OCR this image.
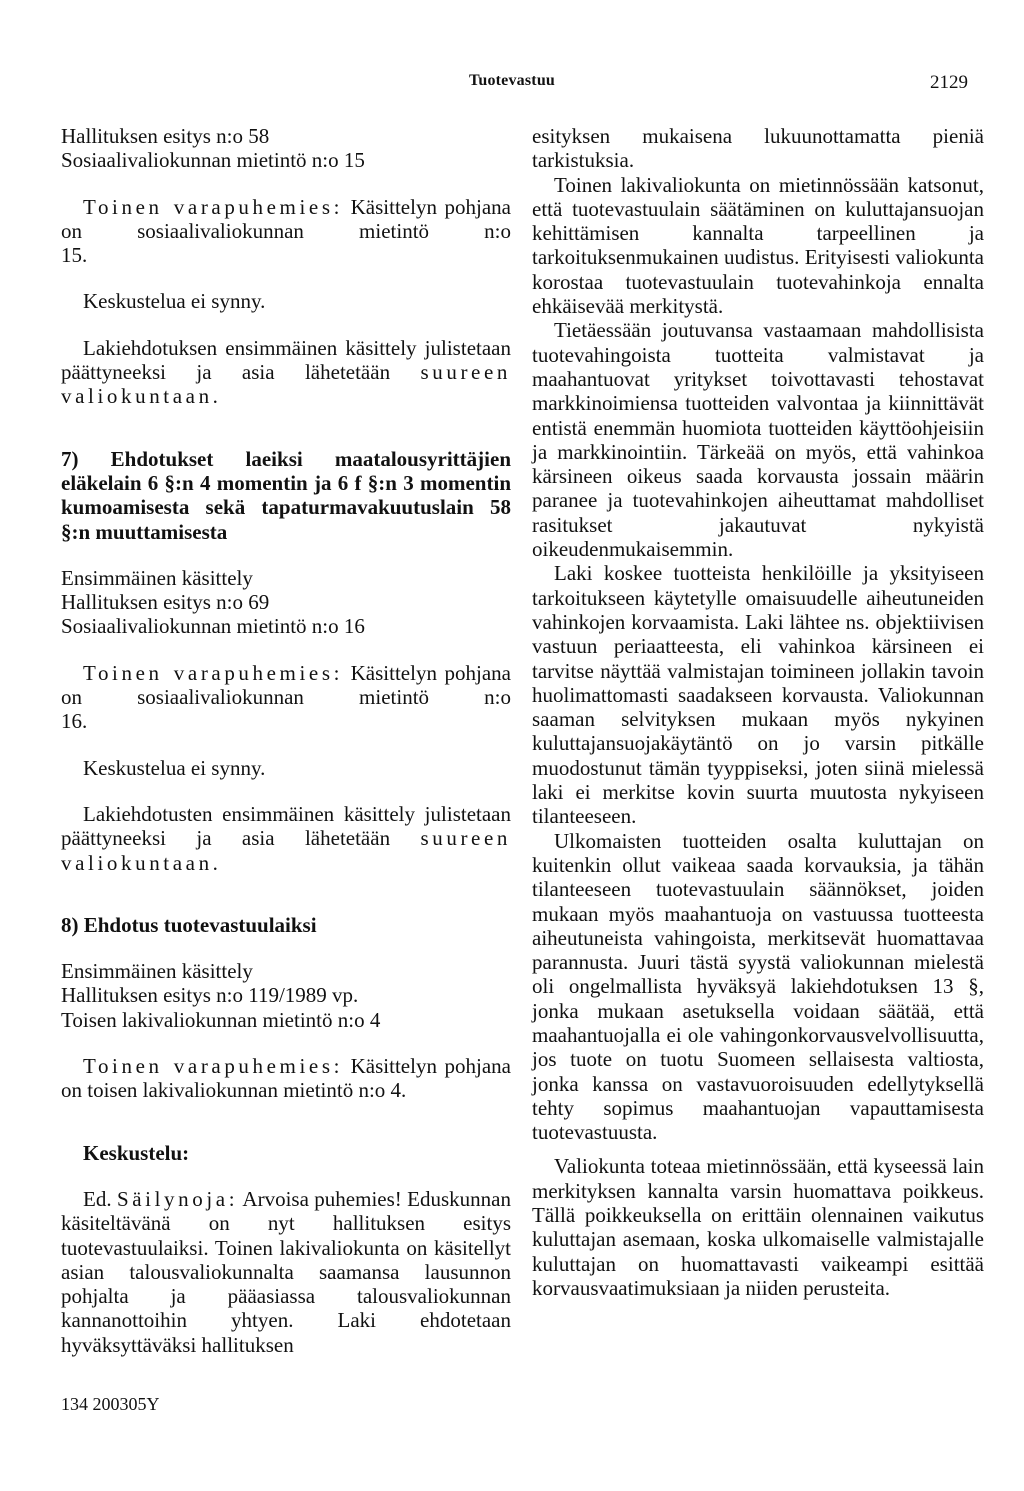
Tuotevastuu	2129

Hallituksen esitys n:o 58

Sosiaalivaliokunnan mietintö n:o 15

Toinen varapuhemies: Käsittelyn pohjana on sosiaalivaliokunnan mietintö n:o

15.

Keskustelua ei synny.

Lakiehdotuksen ensimmäinen käsittely julistetaan päättyneeksi ja asia lähetetään suureen valiokuntaan.

7) Ehdotukset laeiksi maatalousyrittäjien eläkelain 6 §:n 4 momentin ja 6 f §:n 3 momentin kumoamisesta sekä tapaturmavakuutuslain 58 §:n muuttamisesta

Ensimmäinen käsittely

Hallituksen esitys n:o 69

Sosiaalivaliokunnan mietintö n:o 16

Toinen varapuhemies: Käsittelyn pohjana on sosiaalivaliokunnan mietintö n:o

16.

Keskustelua ei synny.

Lakiehdotusten ensimmäinen käsittely julistetaan päättyneeksi ja asia lähetetään suureen valiokuntaan.

8) Ehdotus tuotevastuulaiksi

Ensimmäinen käsittely

Hallituksen esitys n:o 119/1989 vp.

Toisen lakivaliokunnan mietintö n:o 4

Toinen varapuhemies: Käsittelyn pohjana on toisen lakivaliokunnan mietintö n:o 4.

Keskustelu:

Ed. Säilynoja: Arvoisa puhemies! Eduskunnan käsiteltävänä on nyt hallituksen esitys tuotevastuulaiksi. Toinen lakivaliokunta on käsitellyt asian talousvaliokunnalta saamansa lausunnon pohjalta ja pääasiassa talousvaliokunnan kannanottoihin yhtyen. Laki ehdotetaan hyväksyttäväksi hallituksen

esityksen mukaisena lukuunottamatta pieniä tarkistuksia.

Toinen lakivaliokunta on mietinnössään katsonut, että tuotevastuulain säätäminen on kuluttajansuojan kehittämisen kannalta tarpeellinen ja tarkoituksenmukainen uudistus. Erityisesti valiokunta korostaa tuotevastuulain tuotevahinkoja ennalta ehkäisevää merkitystä.

Tietäessään joutuvansa vastaamaan mahdollisista tuotevahingoista tuotteita valmistavat ja maahantuovat yritykset toivottavasti tehostavat markkinoimiensa tuotteiden valvontaa ja kiinnittävät entistä enemmän huomiota tuotteiden käyttöohjeisiin ja markkinointiin. Tärkeää on myös, että vahinkoa kärsineen oikeus saada korvausta jossain määrin paranee ja tuotevahinkojen aiheuttamat mahdolliset rasitukset jakautuvat nykyistä oikeudenmukaisemmin.

Laki koskee tuotteista henkilöille ja yksityiseen tarkoitukseen käytetylle omaisuudelle aiheutuneiden vahinkojen korvaamista. Laki lähtee ns. objektiivisen vastuun periaatteesta, eli vahinkoa kärsineen ei tarvitse näyttää valmistajan toimineen jollakin tavoin huolimattomasti saadakseen korvausta. Valiokunnan saaman selvityksen mukaan myös nykyinen kuluttajansuojakäytäntö on jo varsin pitkälle muodostunut tämän tyyppiseksi, joten siinä mielessä laki ei merkitse kovin suurta muutosta nykyiseen tilanteeseen.

Ulkomaisten tuotteiden osalta kuluttajan on kuitenkin ollut vaikeaa saada korvauksia, ja tähän tilanteeseen tuotevastuulain säännökset, joiden mukaan myös maahantuoja on vastuussa tuotteesta aiheutuneista vahingoista, merkitsevät huomattavaa parannusta. Juuri tästä syystä valiokunnan mielestä oli ongelmallista hyväksyä lakiehdotuksen 13 §, jonka mukaan asetuksella voidaan säätää, että maahantuojalla ei ole vahingonkorvausvelvollisuutta, jos tuote on tuotu Suomeen sellaisesta valtiosta, jonka kanssa on vastavuoroisuuden edellytyksellä tehty sopimus maahantuojan vapauttamisesta tuotevastuusta.

Valiokunta toteaa mietinnössään, että kyseessä lain merkityksen kannalta varsin huomattava poikkeus. Tällä poikkeuksella on erittäin olennainen vaikutus kuluttajan asemaan, koska ulkomaiselle valmistajalle kuluttajan on huomattavasti vaikeampi esittää korvausvaatimuksiaan ja niiden perusteita.

134 200305Y
